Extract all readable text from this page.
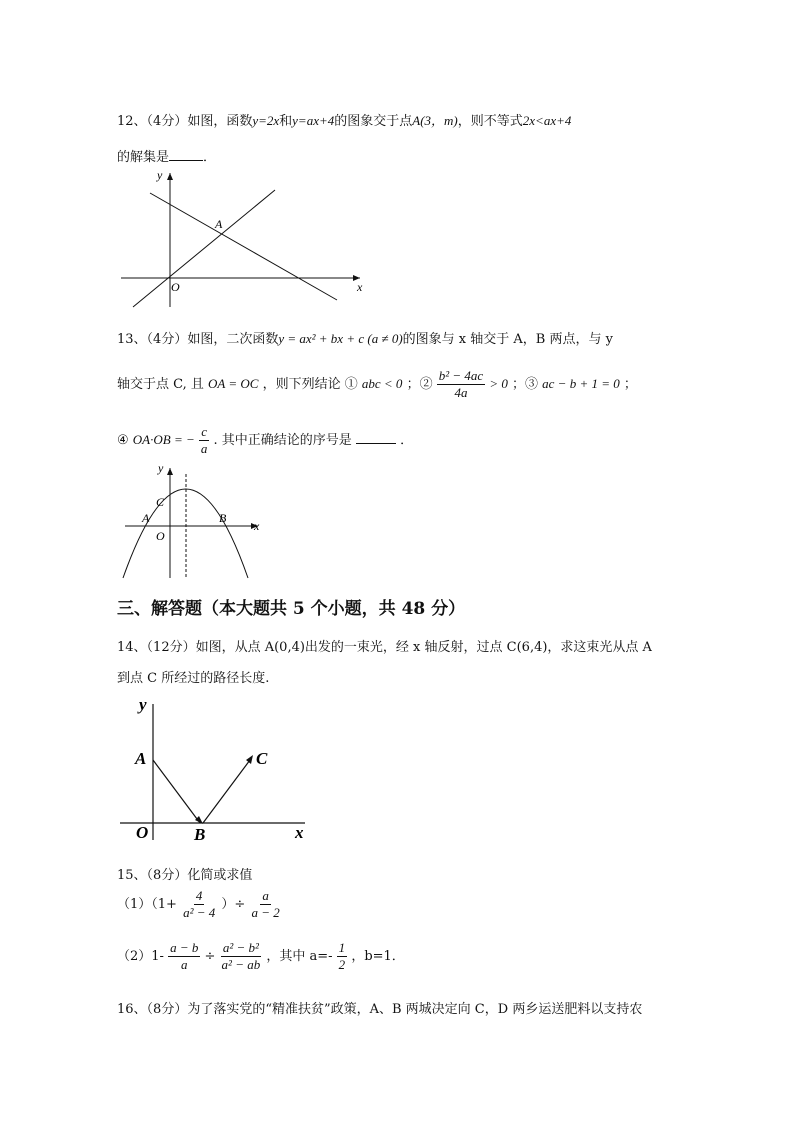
12、（4分）如图，函数y=2x和y=ax+4的图象交于点A(3，m)，则不等式2x<ax+4
的解集是	．
y
x
O
A
13、（4分）如图，二次函数y = ax² + bx + c (a ≠ 0)的图象与 x 轴交于 A，B 两点，与 y
轴交于点 C, 且 OA = OC ，则下列结论 ① abc < 0 ；② $\frac{\text{b² − 4ac}}{4a} > 0$ ；③ ac − b + 1 = 0 ；
④ OA·OB = − $\frac{c}{a}$ . 其中正确结论的序号是	．
y
x
O
A	B
C
三、解答题（本大题共 5 个小题，共 48 分）
14、（12分）如图，从点 A(0,4)出发的一束光，经 x 轴反射，过点 C(6,4)，求这束光从点 A
到点 C 所经过的路径长度.
y
x
O
A
B
C
15、（8分）化简或求值
$(1)(1+ \frac{4}{\text{a² − 4}}$ ）÷ $\frac{a}{a - 2}$
$(2)1- \frac{a - b}{a} \div \frac{\text{a² − b²}}{\text{a² − ab}}$ ，其中 $a=- \frac{1}{2}$ ，b=1．
16、（8分）为了落实党的“精准扶贫”政策，A、B 两城决定向 C，D 两乡运送肥料以支持农
